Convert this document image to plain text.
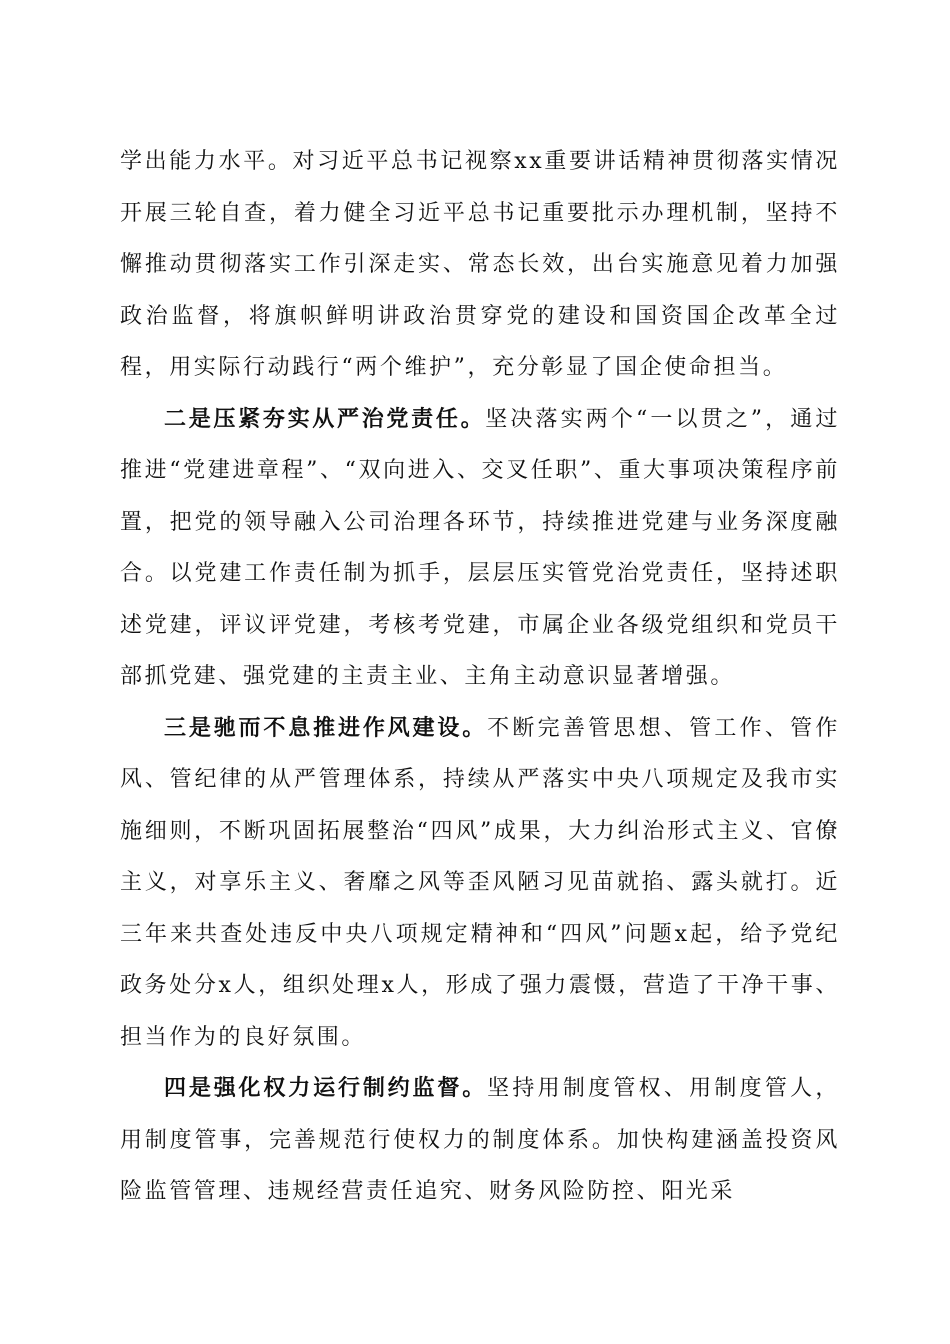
学出能力水平。对习近平总书记视察xx重要讲话精神贯彻落实情况开展三轮自查，着力健全习近平总书记重要批示办理机制，坚持不懈推动贯彻落实工作引深走实、常态长效，出台实施意见着力加强政治监督，将旗帜鲜明讲政治贯穿党的建设和国资国企改革全过程，用实际行动践行“两个维护”，充分彰显了国企使命担当。

二是压紧夯实从严治党责任。坚决落实两个“一以贯之”，通过推进“党建进章程”、“双向进入、交叉任职”、重大事项决策程序前置，把党的领导融入公司治理各环节，持续推进党建与业务深度融合。以党建工作责任制为抓手，层层压实管党治党责任，坚持述职述党建，评议评党建，考核考党建，市属企业各级党组织和党员干部抓党建、强党建的主责主业、主角主动意识显著增强。

三是驰而不息推进作风建设。不断完善管思想、管工作、管作风、管纪律的从严管理体系，持续从严落实中央八项规定及我市实施细则，不断巩固拓展整治“四风”成果，大力纠治形式主义、官僚主义，对享乐主义、奢靡之风等歪风陋习见苗就掐、露头就打。近三年来共查处违反中央八项规定精神和“四风”问题x起，给予党纪政务处分x人，组织处理x人，形成了强力震慑，营造了干净干事、担当作为的良好氛围。

四是强化权力运行制约监督。坚持用制度管权、用制度管人，用制度管事，完善规范行使权力的制度体系。加快构建涵盖投资风险监管管理、违规经营责任追究、财务风险防控、阳光采
